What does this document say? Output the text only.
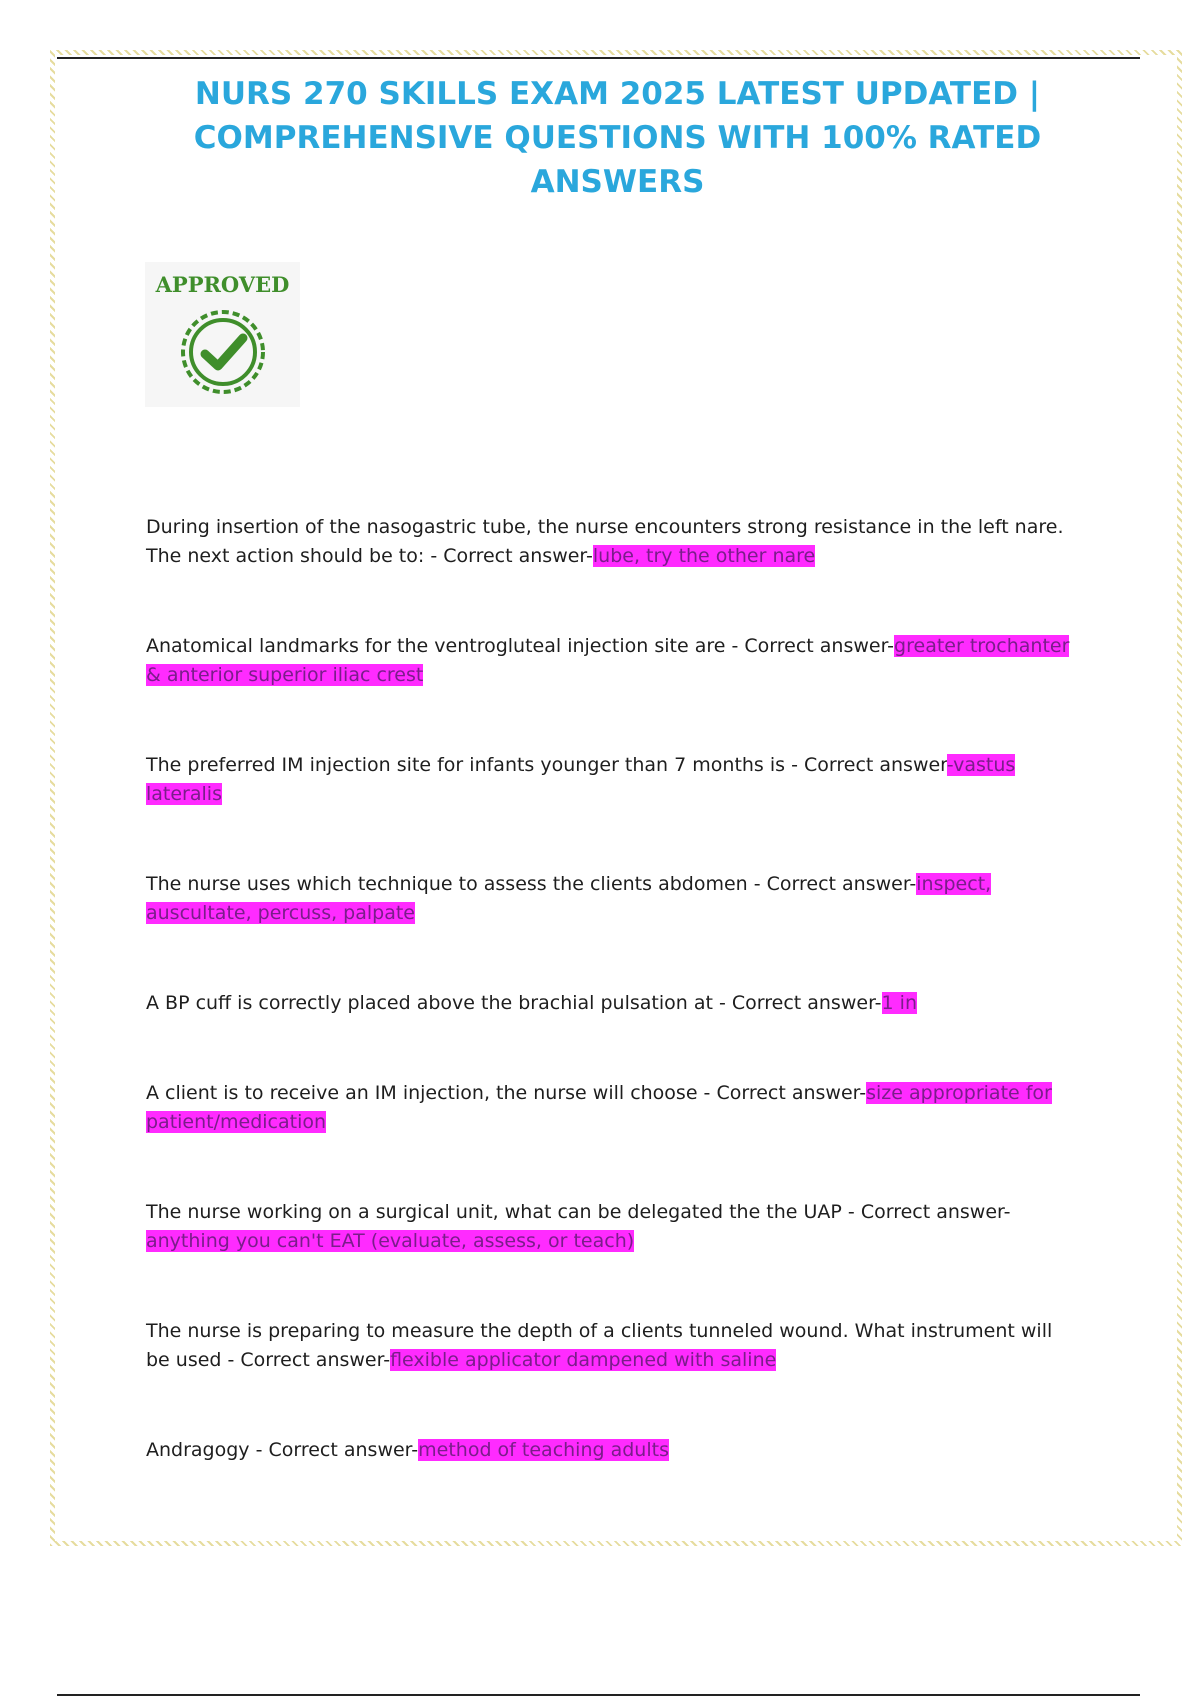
NURS 270 SKILLS EXAM 2025 LATEST UPDATED |
COMPREHENSIVE QUESTIONS WITH 100% RATED
ANSWERS
APPROVED
During insertion of the nasogastric tube, the nurse encounters strong resistance in the left nare. The next action should be to: - Correct answer-lube, try the other nare
Anatomical landmarks for the ventrogluteal injection site are - Correct answer-greater trochanter & anterior superior iliac crest
The preferred IM injection site for infants younger than 7 months is - Correct answer-vastus lateralis
The nurse uses which technique to assess the clients abdomen - Correct answer-inspect, auscultate, percuss, palpate
A BP cuff is correctly placed above the brachial pulsation at - Correct answer-1 in
A client is to receive an IM injection, the nurse will choose - Correct answer-size appropriate for patient/medication
The nurse working on a surgical unit, what can be delegated the the UAP - Correct answer-anything you can't EAT (evaluate, assess, or teach)
The nurse is preparing to measure the depth of a clients tunneled wound. What instrument will be used - Correct answer-flexible applicator dampened with saline
Andragogy - Correct answer-method of teaching adults
